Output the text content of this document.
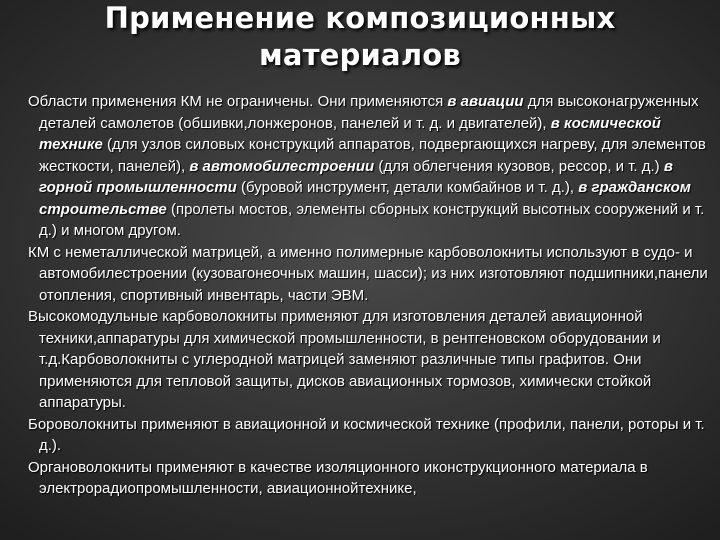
Применение композиционных
материалов

Области применения КМ не ограничены. Они применяются в авиации для высоконагруженных деталей самолетов (обшивки,лонжеронов, панелей и т. д. и двигателей), в космической технике (для узлов силовых конструкций аппаратов, подвергающихся нагреву, для элементов жесткости, панелей), в автомобилестроении (для облегчения кузовов, рессор, и т. д.) в горной промышленности (буровой инструмент, детали комбайнов и т. д.), в гражданском строительстве (пролеты мостов, элементы сборных конструкций высотных сооружений и т. д.) и многом другом.

КМ с неметаллической матрицей, а именно полимерные карбоволокниты используют в судо- и автомобилестроении (кузовагонеочных машин, шасси); из них изготовляют подшипники,панели отопления, спортивный инвентарь, части ЭВМ.

Высокомодульные карбоволокниты применяют для изготовления деталей авиационной техники,аппаратуры для химической промышленности, в рентгеновском оборудовании и т.д.Карбоволокниты с углеродной матрицей заменяют различные типы графитов. Они применяются для тепловой защиты, дисков авиационных тормозов, химически стойкой аппаратуры.

Бороволокниты применяют в авиационной и космической технике (профили, панели, роторы и т. д.).

Органоволокниты применяют в качестве изоляционного иконструкционного материала в электрорадиопромышленности, авиационнойтехнике,
